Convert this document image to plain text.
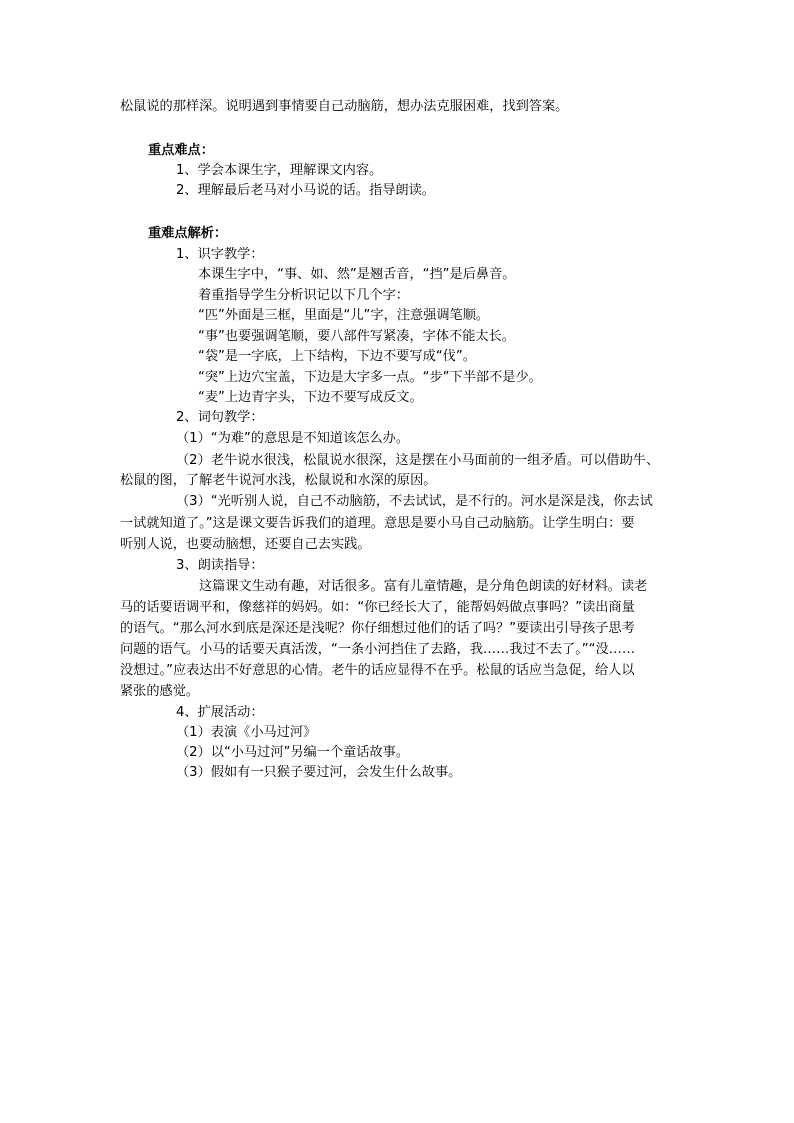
松鼠说的那样深。说明遇到事情要自己动脑筋，想办法克服困难，找到答案。
重点难点：
1、学会本课生字，理解课文内容。
2、理解最后老马对小马说的话。指导朗读。
重难点解析：
1、识字教学：
本课生字中，“事、如、然”是翘舌音，“挡”是后鼻音。
着重指导学生分析识记以下几个字：
“匹”外面是三框，里面是“儿”字，注意强调笔顺。
“事”也要强调笔顺，要八部件写紧凑，字体不能太长。
“袋”是一字底，上下结构，下边不要写成“伐”。
“突”上边穴宝盖，下边是大字多一点。“步”下半部不是少。
“麦”上边青字头，下边不要写成反文。
2、词句教学：
（1）“为难”的意思是不知道该怎么办。
（2）老牛说水很浅，松鼠说水很深，这是摆在小马面前的一组矛盾。可以借助牛、
松鼠的图，了解老牛说河水浅，松鼠说和水深的原因。
（3）“光听别人说，自己不动脑筋，不去试试，是不行的。河水是深是浅，你去试
一试就知道了。”这是课文要告诉我们的道理。意思是要小马自己动脑筋。让学生明白：要
听别人说，也要动脑想，还要自己去实践。
3、朗读指导：
这篇课文生动有趣，对话很多。富有儿童情趣，是分角色朗读的好材料。读老
马的话要语调平和，像慈祥的妈妈。如：“你已经长大了，能帮妈妈做点事吗？”读出商量
的语气。“那么河水到底是深还是浅呢？你仔细想过他们的话了吗？”要读出引导孩子思考
问题的语气。小马的话要天真活泼，“一条小河挡住了去路，我……我过不去了。”“没……
没想过。”应表达出不好意思的心情。老牛的话应显得不在乎。松鼠的话应当急促，给人以
紧张的感觉。
4、扩展活动：
（1）表演《小马过河》
（2）以“小马过河”另编一个童话故事。
（3）假如有一只猴子要过河，会发生什么故事。
